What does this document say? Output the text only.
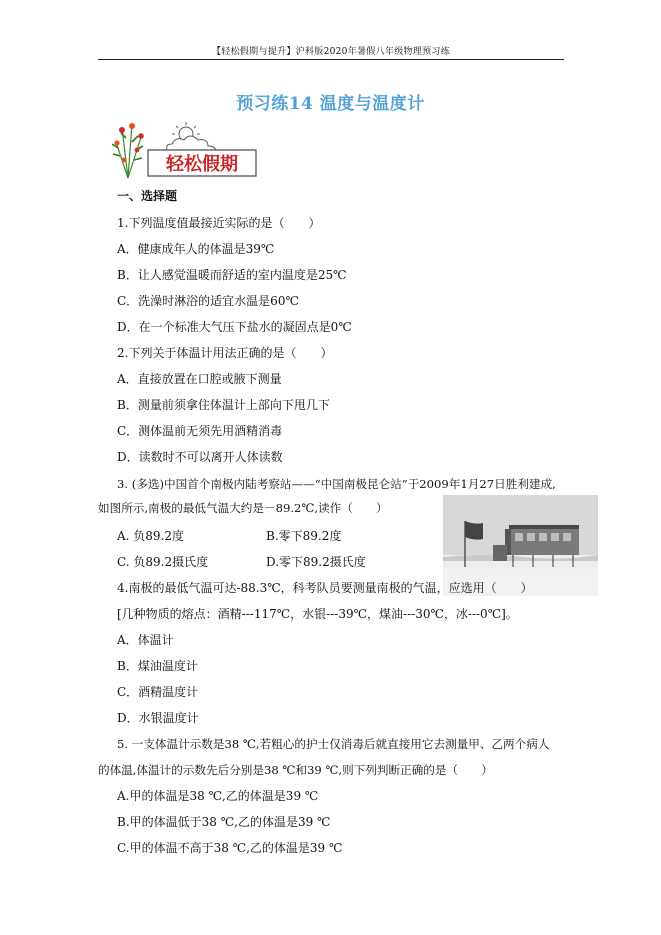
【轻松假期与提升】沪科版2020年暑假八年级物理预习练
预习练14 温度与温度计
轻松假期
一、选择题
1.下列温度值最接近实际的是（　　）
A．健康成年人的体温是39℃
B．让人感觉温暖而舒适的室内温度是25℃
C．洗澡时淋浴的适宜水温是60℃
D．在一个标准大气压下盐水的凝固点是0℃
2.下列关于体温计用法正确的是（　　）
A．直接放置在口腔或腋下测量
B．测量前须拿住体温计上部向下甩几下
C．测体温前无须先用酒精消毒
D．读数时不可以离开人体读数
3. (多选)中国首个南极内陆考察站——“中国南极昆仑站”于2009年1月27日胜利建成,
如图所示,南极的最低气温大约是－89.2℃,读作（　　）
A. 负89.2度	B.零下89.2度
C. 负89.2摄氏度	D.零下89.2摄氏度
4.南极的最低气温可达-88.3℃，科考队员要测量南极的气温，应选用（　　）
[几种物质的熔点：酒精---117℃，水银---39℃，煤油---30℃，冰---0℃]。
A．体温计
B．煤油温度计
C．酒精温度计
D．水银温度计
5. 一支体温计示数是38 ℃,若粗心的护士仅消毒后就直接用它去测量甲、乙两个病人
的体温,体温计的示数先后分别是38 ℃和39 ℃,则下列判断正确的是（　　）
A.甲的体温是38 ℃,乙的体温是39 ℃
B.甲的体温低于38 ℃,乙的体温是39 ℃
C.甲的体温不高于38 ℃,乙的体温是39 ℃
